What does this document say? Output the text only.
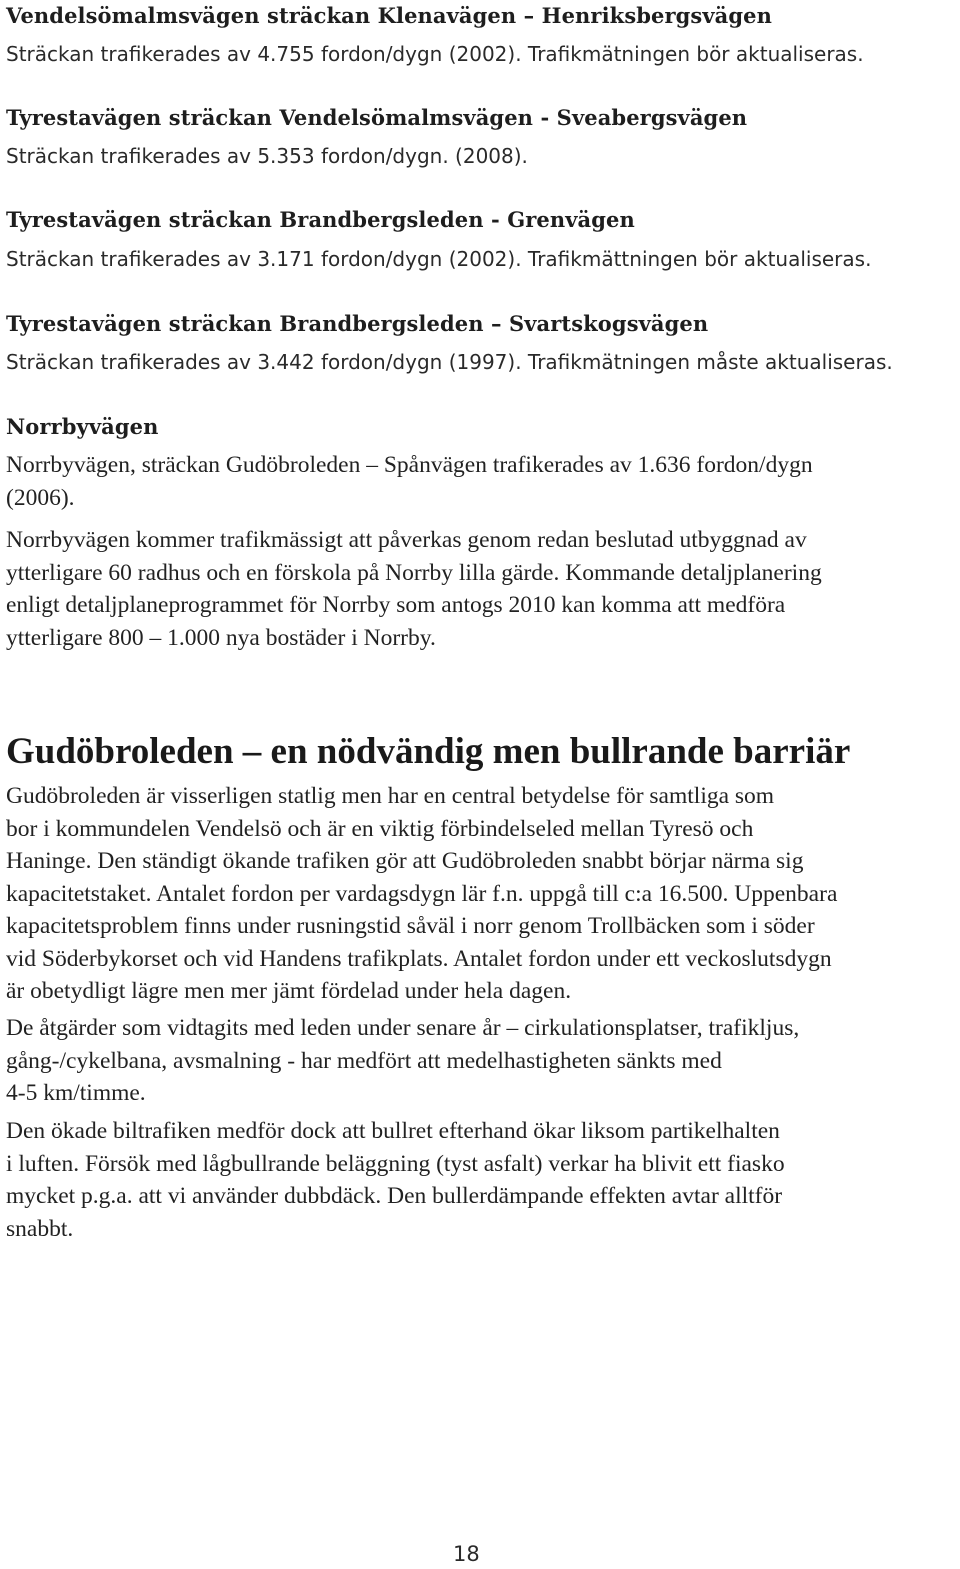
Vendelsömalmsvägen sträckan Klenavägen – Henriksbergsvägen
Sträckan trafikerades av 4.755 fordon/dygn (2002). Trafikmätningen bör aktualiseras.
Tyrestavägen sträckan Vendelsömalmsvägen - Sveabergsvägen
Sträckan trafikerades av 5.353 fordon/dygn. (2008).
Tyrestavägen sträckan Brandbergsleden - Grenvägen
Sträckan trafikerades av 3.171 fordon/dygn (2002). Trafikmättningen bör aktualiseras.
Tyrestavägen sträckan Brandbergsleden – Svartskogsvägen
Sträckan trafikerades av 3.442 fordon/dygn (1997). Trafikmätningen måste aktualiseras.
Norrbyvägen
Norrbyvägen, sträckan Gudöbroleden – Spånvägen trafikerades av 1.636 fordon/dygn
(2006).
Norrbyvägen kommer trafikmässigt att påverkas genom redan beslutad utbyggnad av
ytterligare 60 radhus och en förskola på Norrby lilla gärde. Kommande detaljplanering
enligt detaljplaneprogrammet för Norrby som antogs 2010 kan komma att medföra
ytterligare 800 – 1.000 nya bostäder i Norrby.
Gudöbroleden – en nödvändig men bullrande barriär
Gudöbroleden är visserligen statlig men har en central betydelse för samtliga som
bor i kommundelen Vendelsö och är en viktig förbindelseled mellan Tyresö och
Haninge. Den ständigt ökande trafiken gör att Gudöbroleden snabbt börjar närma sig
kapacitetstaket. Antalet fordon per vardagsdygn lär f.n. uppgå till c:a 16.500. Uppenbara
kapacitetsproblem finns under rusningstid såväl i norr genom Trollbäcken som i söder
vid Söderbykorset och vid Handens trafikplats. Antalet fordon under ett veckoslutsdygn
är obetydligt lägre men mer jämt fördelad under hela dagen.
De åtgärder som vidtagits med leden under senare år – cirkulationsplatser, trafikljus,
gång-/cykelbana, avsmalning - har medfört att medelhastigheten sänkts med
4-5 km/timme.
Den ökade biltrafiken medför dock att bullret efterhand ökar liksom partikelhalten
i luften. Försök med lågbullrande beläggning (tyst asfalt) verkar ha blivit ett fiasko
mycket p.g.a. att vi använder dubbdäck. Den bullerdämpande effekten avtar alltför
snabbt.
18
